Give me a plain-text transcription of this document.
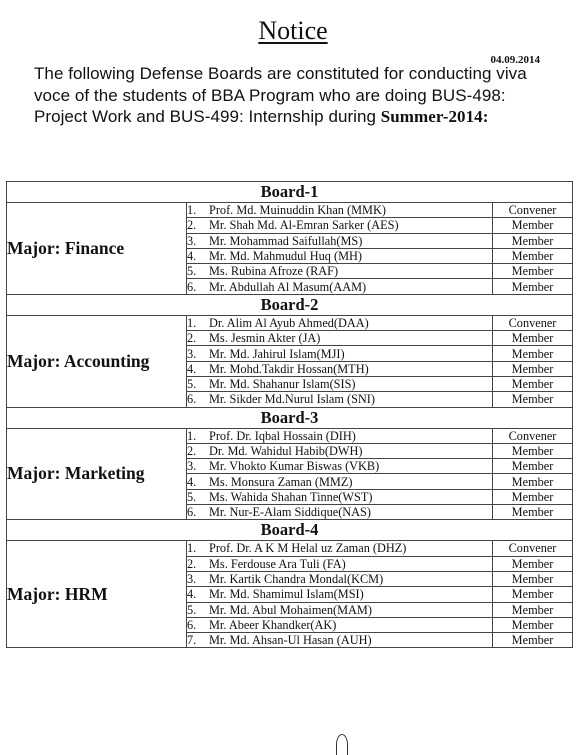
Notice
04.09.2014

The following Defense Boards are constituted for conducting viva voce of the students of BBA Program who are doing BUS-498: Project Work and BUS-499: Internship during Summer-2014:

Board-1		
Major: Finance	1. Prof. Md. Muinuddin Khan (MMK)	Convener
	2. Mr. Shah Md. Al-Emran Sarker (AES)	Member
	3. Mr. Mohammad Saifullah(MS)	Member
	4. Mr. Md. Mahmudul Huq (MH)	Member
	5. Ms. Rubina Afroze (RAF)	Member
	6. Mr. Abdullah Al Masum(AAM)	Member
Board-2		
Major: Accounting	1. Dr. Alim Al Ayub Ahmed(DAA)	Convener
	2. Ms. Jesmin Akter (JA)	Member
	3. Mr. Md. Jahirul Islam(MJI)	Member
	4. Mr. Mohd.Takdir Hossan(MTH)	Member
	5. Mr. Md. Shahanur Islam(SIS)	Member
	6. Mr. Sikder Md.Nurul Islam (SNI)	Member
Board-3		
Major: Marketing	1. Prof. Dr. Iqbal Hossain (DIH)	Convener
	2. Dr. Md. Wahidul Habib(DWH)	Member
	3. Mr. Vhokto Kumar Biswas (VKB)	Member
	4. Ms. Monsura Zaman (MMZ)	Member
	5. Ms. Wahida Shahan Tinne(WST)	Member
	6. Mr. Nur-E-Alam Siddique(NAS)	Member
Board-4		
Major: HRM	1. Prof. Dr. A K M Helal uz Zaman (DHZ)	Convener
	2. Ms. Ferdouse Ara Tuli (FA)	Member
	3. Mr. Kartik Chandra Mondal(KCM)	Member
	4. Mr. Md. Shamimul Islam(MSI)	Member
	5. Mr. Md. Abul Mohaimen(MAM)	Member
	6. Mr. Abeer Khandker(AK)	Member
	7. Mr. Md. Ahsan-Ul Hasan (AUH)	Member
